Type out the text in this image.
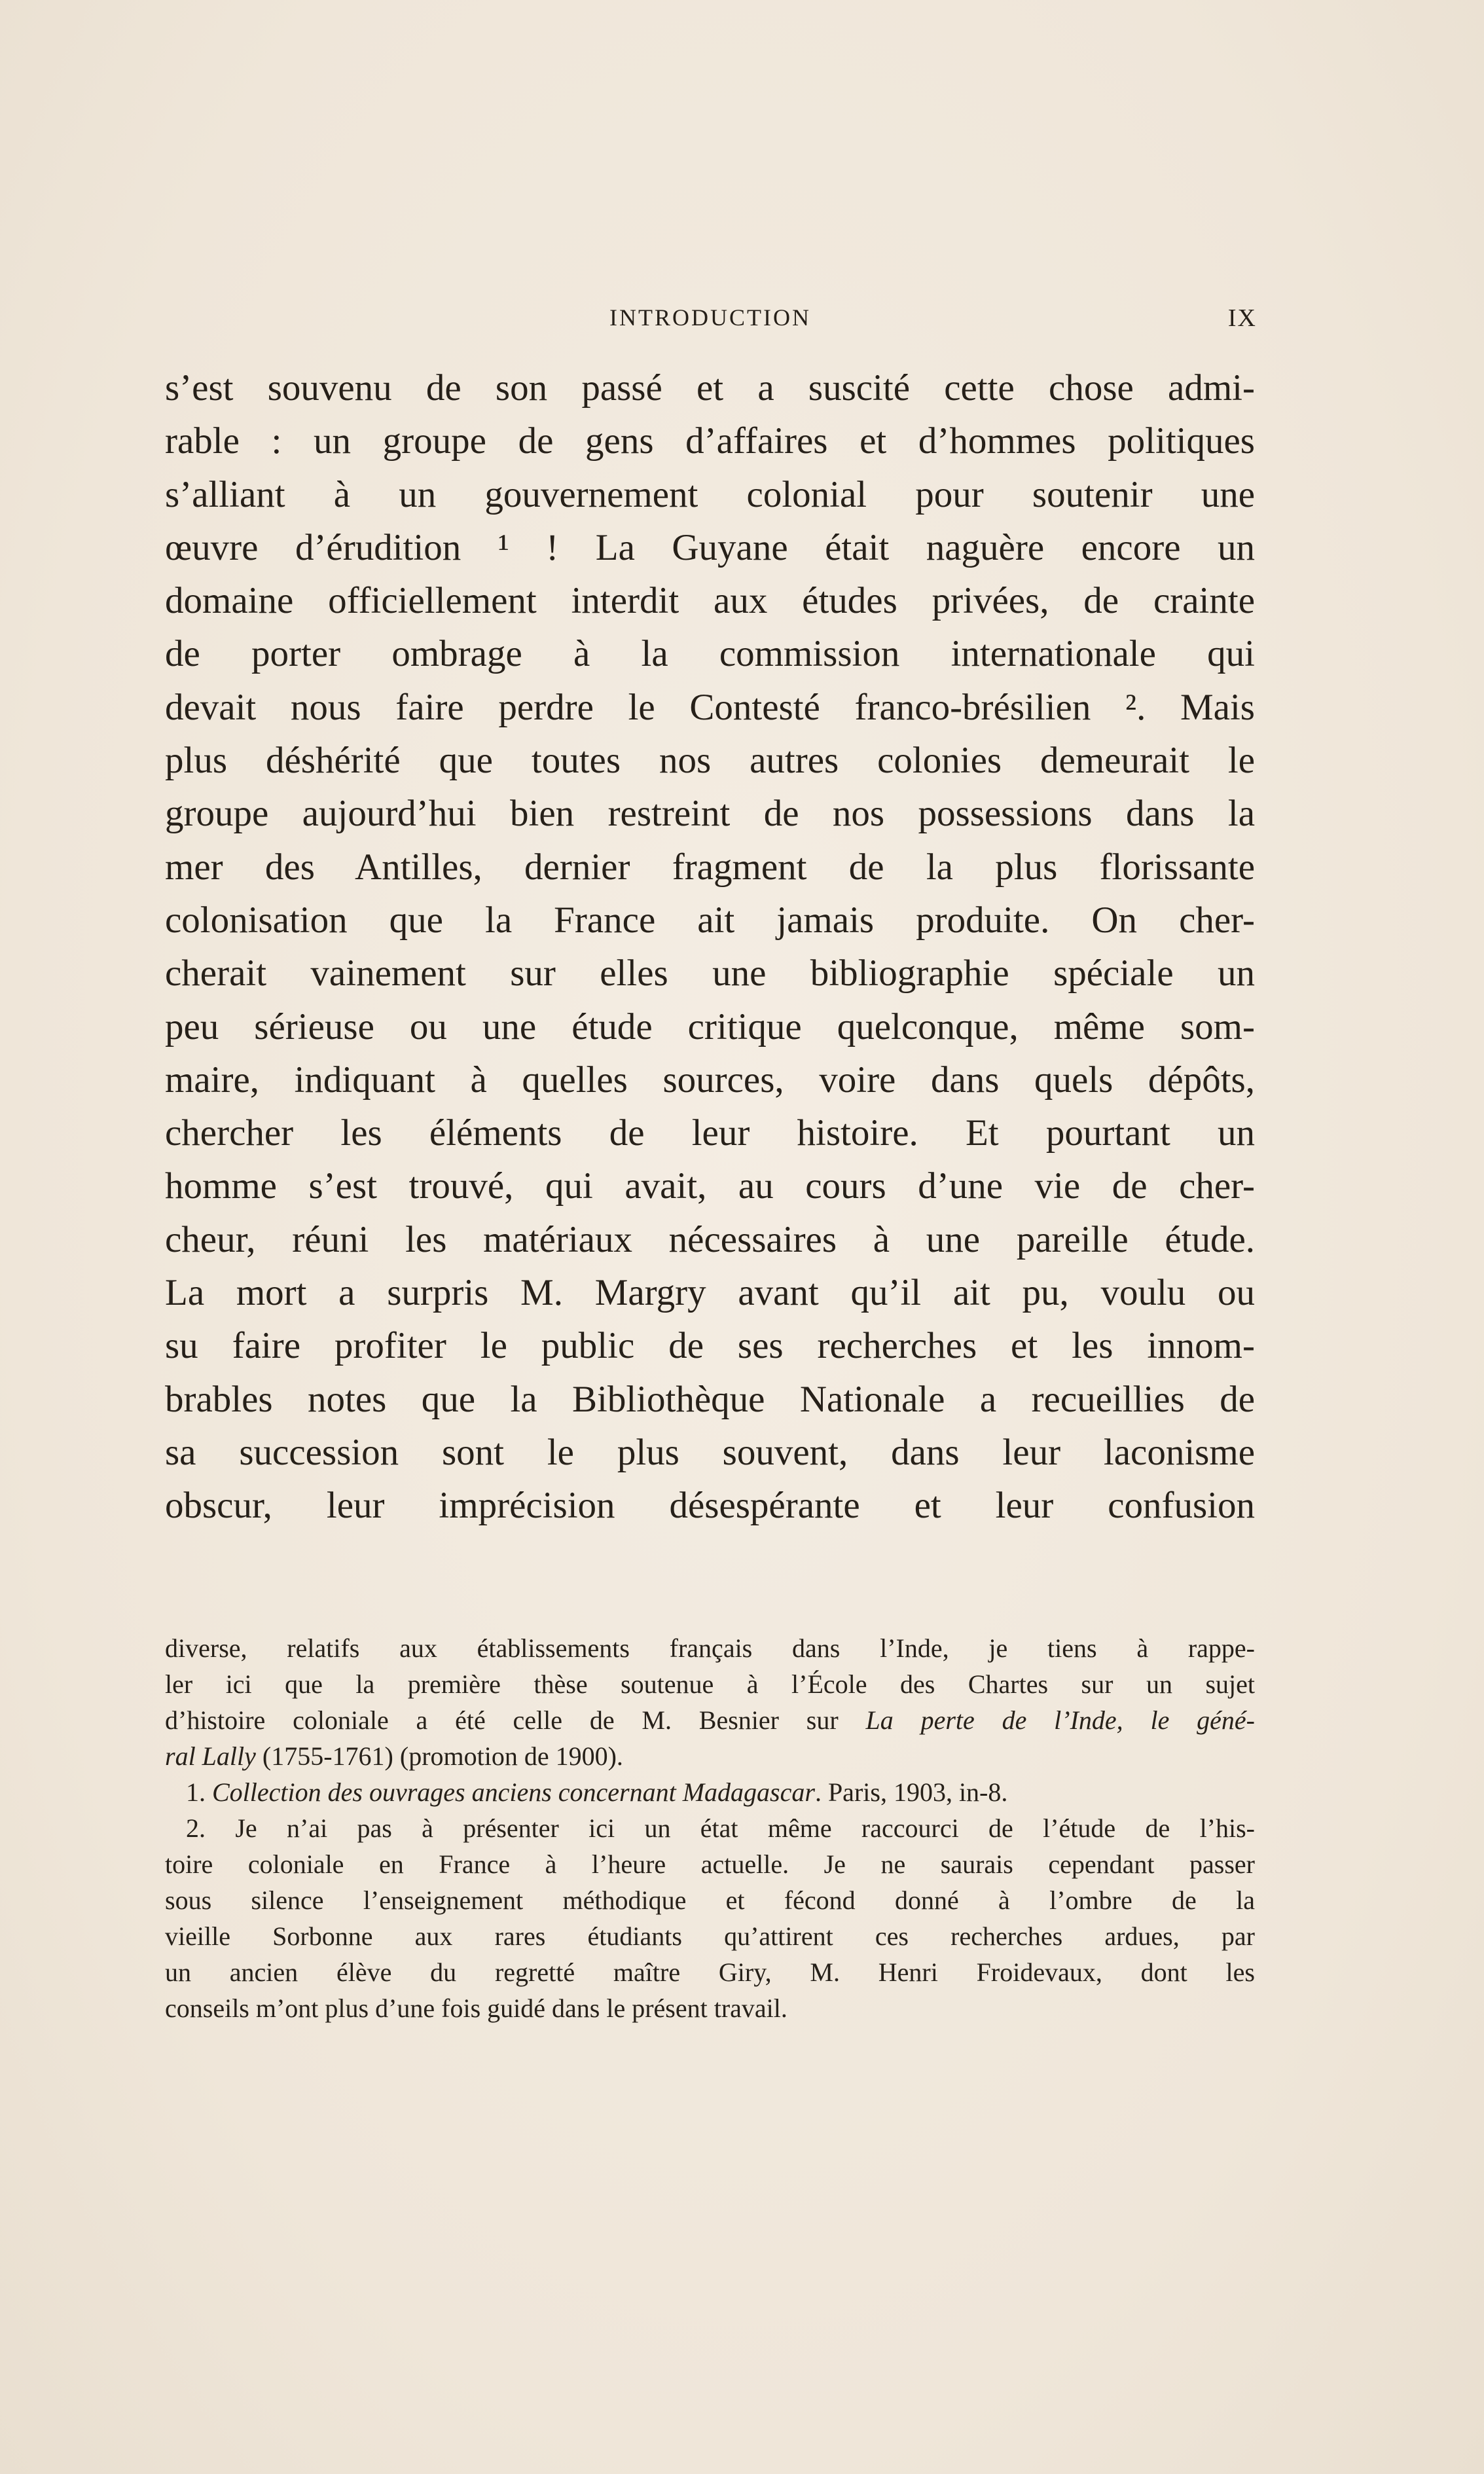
INTRODUCTION	IX
s’est souvenu de son passé et a suscité cette chose admi-
rable : un groupe de gens d’affaires et d’hommes politiques
s’alliant à un gouvernement colonial pour soutenir une
œuvre d’érudition ¹ ! La Guyane était naguère encore un
domaine officiellement interdit aux études privées, de crainte
de porter ombrage à la commission internationale qui
devait nous faire perdre le Contesté franco-brésilien ². Mais
plus déshérité que toutes nos autres colonies demeurait le
groupe aujourd’hui bien restreint de nos possessions dans la
mer des Antilles, dernier fragment de la plus florissante
colonisation que la France ait jamais produite. On cher-
cherait vainement sur elles une bibliographie spéciale un
peu sérieuse ou une étude critique quelconque, même som-
maire, indiquant à quelles sources, voire dans quels dépôts,
chercher les éléments de leur histoire. Et pourtant un
homme s’est trouvé, qui avait, au cours d’une vie de cher-
cheur, réuni les matériaux nécessaires à une pareille étude.
La mort a surpris M. Margry avant qu’il ait pu, voulu ou
su faire profiter le public de ses recherches et les innom-
brables notes que la Bibliothèque Nationale a recueillies de
sa succession sont le plus souvent, dans leur laconisme
obscur, leur imprécision désespérante et leur confusion
diverse, relatifs aux établissements français dans l’Inde, je tiens à rappe-
ler ici que la première thèse soutenue à l’École des Chartes sur un sujet
d’histoire coloniale a été celle de M. Besnier sur La perte de l’Inde, le géné-
ral Lally (1755-1761) (promotion de 1900).
1. Collection des ouvrages anciens concernant Madagascar. Paris, 1903, in-8.
2. Je n’ai pas à présenter ici un état même raccourci de l’étude de l’his-
toire coloniale en France à l’heure actuelle. Je ne saurais cependant passer
sous silence l’enseignement méthodique et fécond donné à l’ombre de la
vieille Sorbonne aux rares étudiants qu’attirent ces recherches ardues, par
un ancien élève du regretté maître Giry, M. Henri Froidevaux, dont les
conseils m’ont plus d’une fois guidé dans le présent travail.
